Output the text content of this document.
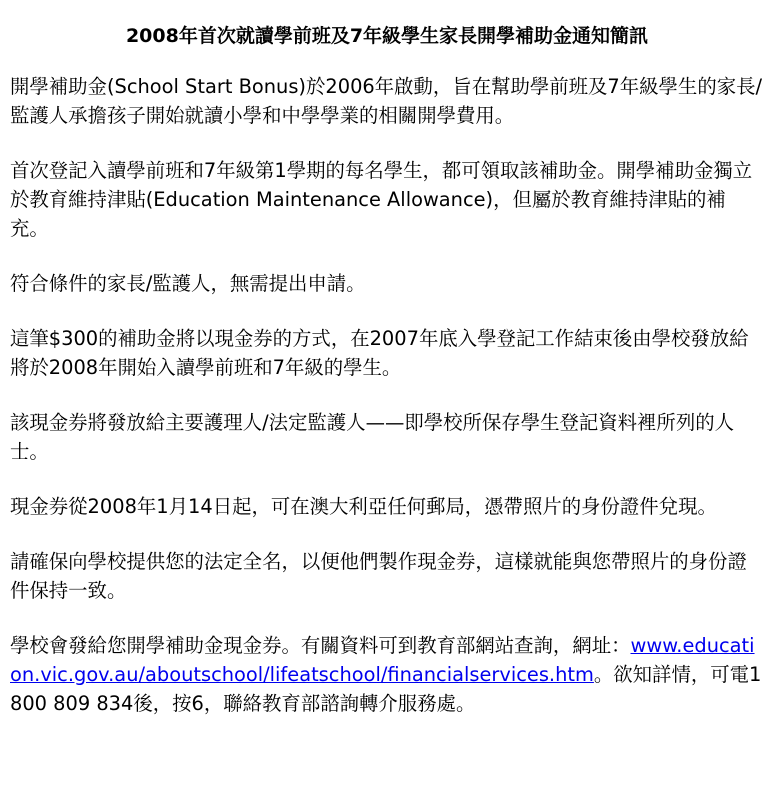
2008年首次就讀學前班及7年級學生家長開學補助金通知簡訊

開學補助金(School Start Bonus)於2006年啟動，旨在幫助學前班及7年級學生的家長/監護人承擔孩子開始就讀小學和中學學業的相關開學費用。

首次登記入讀學前班和7年級第1學期的每名學生，都可領取該補助金。開學補助金獨立於教育維持津貼(Education Maintenance Allowance)，但屬於教育維持津貼的補充。

符合條件的家長/監護人，無需提出申請。

這筆$300的補助金將以現金券的方式，在2007年底入學登記工作結束後由學校發放給將於2008年開始入讀學前班和7年級的學生。

該現金券將發放給主要護理人/法定監護人——即學校所保存學生登記資料裡所列的人士。

現金券從2008年1月14日起，可在澳大利亞任何郵局，憑帶照片的身份證件兌現。

請確保向學校提供您的法定全名，以便他們製作現金券，這樣就能與您帶照片的身份證件保持一致。

學校會發給您開學補助金現金券。有關資料可到教育部網站查詢，網址：www.education.vic.gov.au/aboutschool/lifeatschool/financialservices.htm。欲知詳情，可電1800 809 834後，按6，聯絡教育部諮詢轉介服務處。
